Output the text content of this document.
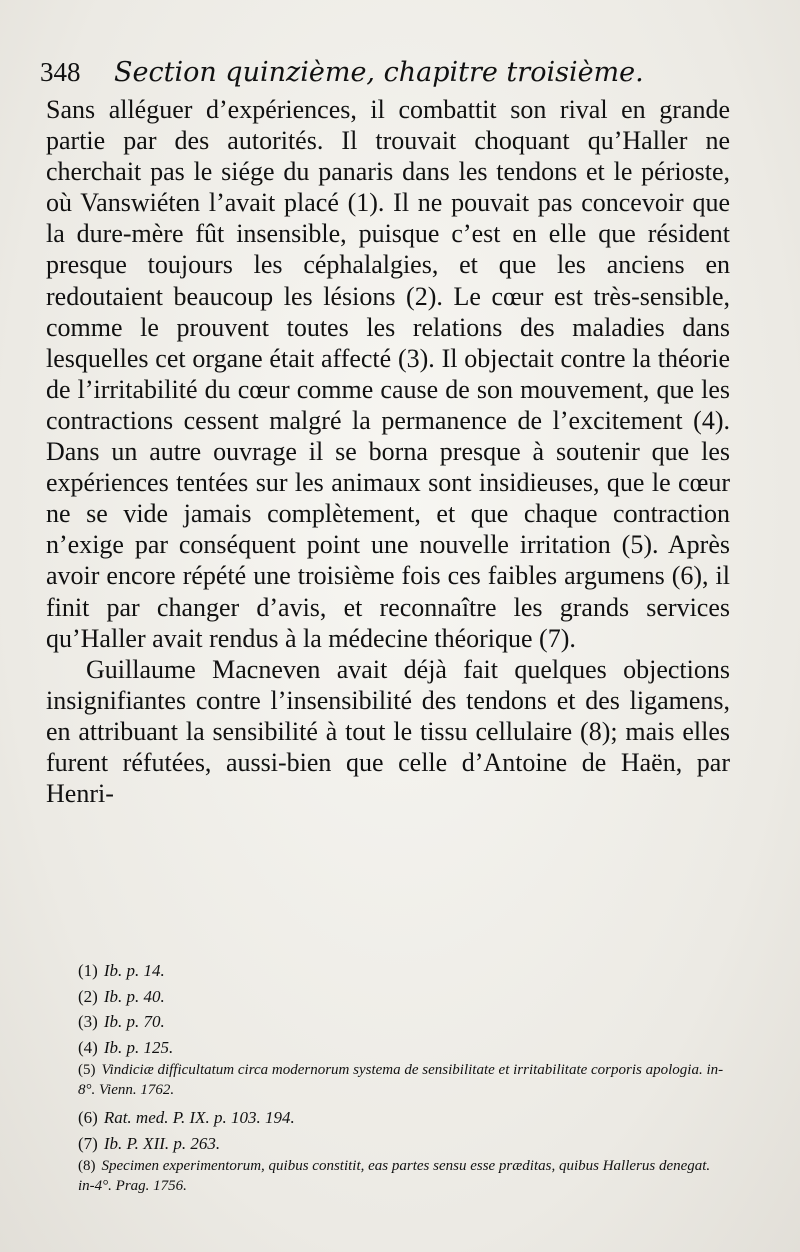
348 Section quinzième, chapitre troisième.

Sans alléguer d’expériences, il combattit son rival en grande partie par des autorités. Il trouvait choquant qu’Haller ne cherchait pas le siége du panaris dans les tendons et le périoste, où Vanswiéten l’avait placé (1). Il ne pouvait pas concevoir que la dure-mère fût insensible, puisque c’est en elle que résident presque toujours les céphalalgies, et que les anciens en redoutaient beaucoup les lésions (2). Le cœur est très-sensible, comme le prouvent toutes les relations des maladies dans lesquelles cet organe était affecté (3). Il objectait contre la théorie de l’irritabilité du cœur comme cause de son mouvement, que les contractions cessent malgré la permanence de l’excitement (4). Dans un autre ouvrage il se borna presque à soutenir que les expériences tentées sur les animaux sont insidieuses, que le cœur ne se vide jamais complètement, et que chaque contraction n’exige par conséquent point une nouvelle irritation (5). Après avoir encore répété une troisième fois ces faibles argumens (6), il finit par changer d’avis, et reconnaître les grands services qu’Haller avait rendus à la médecine théorique (7).

Guillaume Macneven avait déjà fait quelques objections insignifiantes contre l’insensibilité des tendons et des ligamens, en attribuant la sensibilité à tout le tissu cellulaire (8); mais elles furent réfutées, aussi-bien que celle d’Antoine de Haën, par Henri-

(1) Ib. p. 14.

(2) Ib. p. 40.

(3) Ib. p. 70.

(4) Ib. p. 125.

(5) Vindiciæ difficultatum circa modernorum systema de sensibilitate et irritabilitate corporis apologia. in-8°. Vienn. 1762.

(6) Rat. med. P. IX. p. 103. 194.

(7) Ib. P. XII. p. 263.

(8) Specimen experimentorum, quibus constitit, eas partes sensu esse præditas, quibus Hallerus denegat. in-4°. Prag. 1756.
